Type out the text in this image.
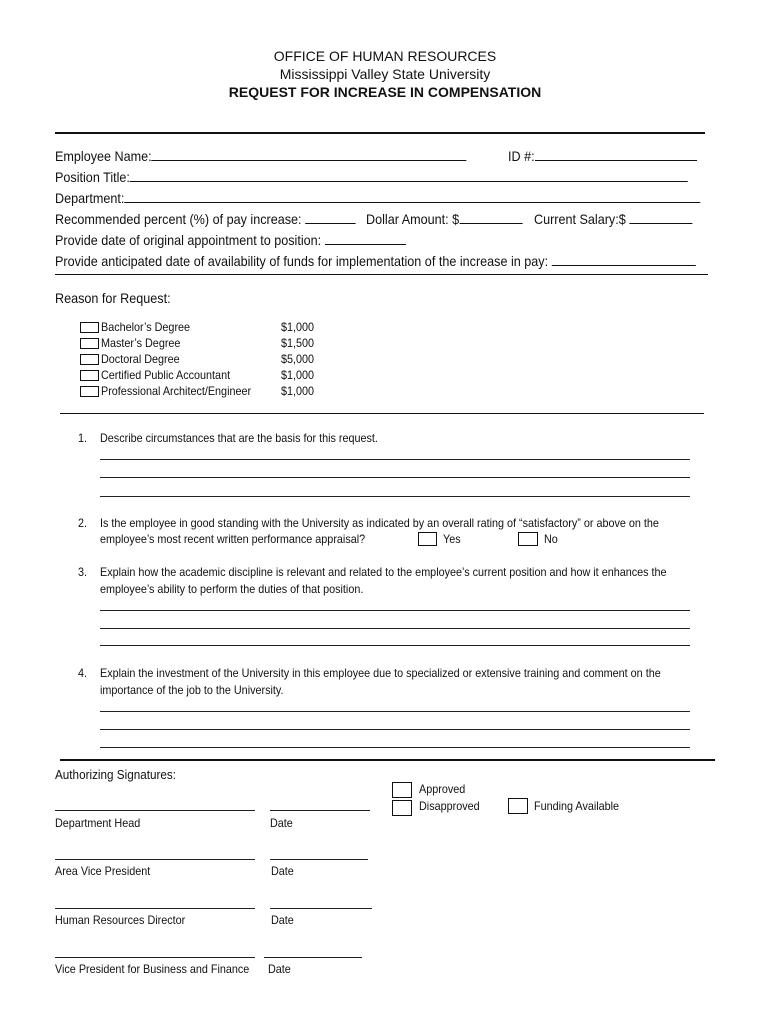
OFFICE OF HUMAN RESOURCES
Mississippi Valley State University
REQUEST FOR INCREASE IN COMPENSATION
Employee Name:	ID #:
Position Title:
Department:
Recommended percent (%) of pay increase:	Dollar Amount: $	Current Salary:$
Provide date of original appointment to position:
Provide anticipated date of availability of funds for implementation of the increase in pay:
Reason for Request:
Bachelor’s Degree	$1,000
Master’s Degree	$1,500
Doctoral Degree	$5,000
Certified Public Accountant	$1,000
Professional Architect/Engineer $1,000
1. Describe circumstances that are the basis for this request.
2. Is the employee in good standing with the University as indicated by an overall rating of “satisfactory” or above on the
employee’s most recent written performance appraisal?	Yes	No
3. Explain how the academic discipline is relevant and related to the employee’s current position and how it enhances the
employee’s ability to perform the duties of that position.
4. Explain the investment of the University in this employee due to specialized or extensive training and comment on the
importance of the job to the University.
Authorizing Signatures:
Approved
Disapproved	Funding Available
Department Head	Date
Area Vice President	Date
Human Resources Director	Date
Vice President for Business and Finance Date
